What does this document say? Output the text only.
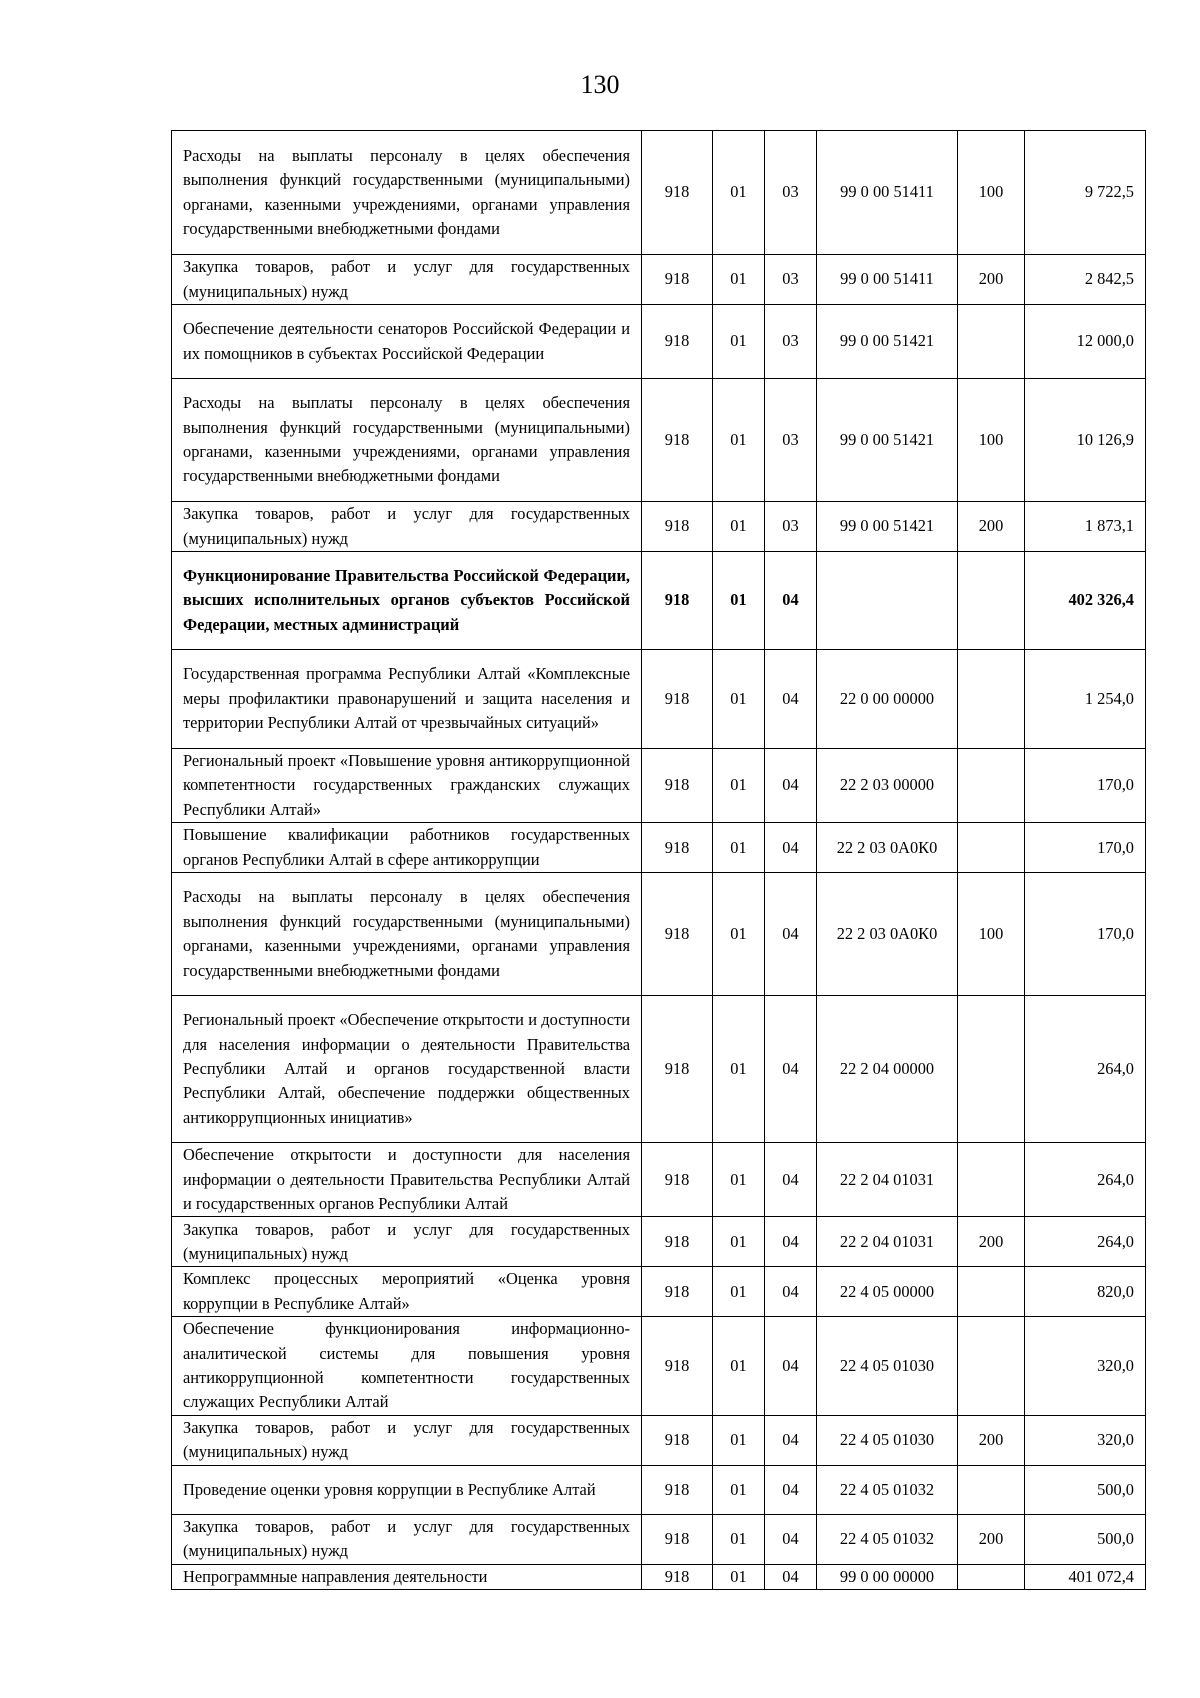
130
Расходы на выплаты персоналу в целях обеспечения выполнения функций государственными (муниципальными) органами, казенными учреждениями, органами управления государственными внебюджетными фондами	918	01	03	99 0 00 51411	100	9 722,5
Закупка товаров, работ и услуг для государственных (муниципальных) нужд	918	01	03	99 0 00 51411	200	2 842,5
Обеспечение деятельности сенаторов Российской Федерации и их помощников в субъектах Российской Федерации	918	01	03	99 0 00 51421		12 000,0
Расходы на выплаты персоналу в целях обеспечения выполнения функций государственными (муниципальными) органами, казенными учреждениями, органами управления государственными внебюджетными фондами	918	01	03	99 0 00 51421	100	10 126,9
Закупка товаров, работ и услуг для государственных (муниципальных) нужд	918	01	03	99 0 00 51421	200	1 873,1
Функционирование Правительства Российской Федерации, высших исполнительных органов субъектов Российской Федерации, местных администраций	918	01	04			402 326,4
Государственная программа Республики Алтай «Комплексные меры профилактики правонарушений и защита населения и территории Республики Алтай от чрезвычайных ситуаций»	918	01	04	22 0 00 00000		1 254,0
Региональный проект «Повышение уровня антикоррупционной компетентности государственных гражданских служащих Республики Алтай»	918	01	04	22 2 03 00000		170,0
Повышение квалификации работников государственных органов Республики Алтай в сфере антикоррупции	918	01	04	22 2 03 0А0К0		170,0
Расходы на выплаты персоналу в целях обеспечения выполнения функций государственными (муниципальными) органами, казенными учреждениями, органами управления государственными внебюджетными фондами	918	01	04	22 2 03 0А0К0	100	170,0
Региональный проект «Обеспечение открытости и доступности для населения информации о деятельности Правительства Республики Алтай и органов государственной власти Республики Алтай, обеспечение поддержки общественных антикоррупционных инициатив»	918	01	04	22 2 04 00000		264,0
Обеспечение открытости и доступности для населения информации о деятельности Правительства Республики Алтай и государственных органов Республики Алтай	918	01	04	22 2 04 01031		264,0
Закупка товаров, работ и услуг для государственных (муниципальных) нужд	918	01	04	22 2 04 01031	200	264,0
Комплекс процессных мероприятий «Оценка уровня коррупции в Республике Алтай»	918	01	04	22 4 05 00000		820,0
Обеспечение функционирования информационно-аналитической системы для повышения уровня антикоррупционной компетентности государственных служащих Республики Алтай	918	01	04	22 4 05 01030		320,0
Закупка товаров, работ и услуг для государственных (муниципальных) нужд	918	01	04	22 4 05 01030	200	320,0
Проведение оценки уровня коррупции в Республике Алтай	918	01	04	22 4 05 01032		500,0
Закупка товаров, работ и услуг для государственных (муниципальных) нужд	918	01	04	22 4 05 01032	200	500,0
Непрограммные направления деятельности	918	01	04	99 0 00 00000		401 072,4
